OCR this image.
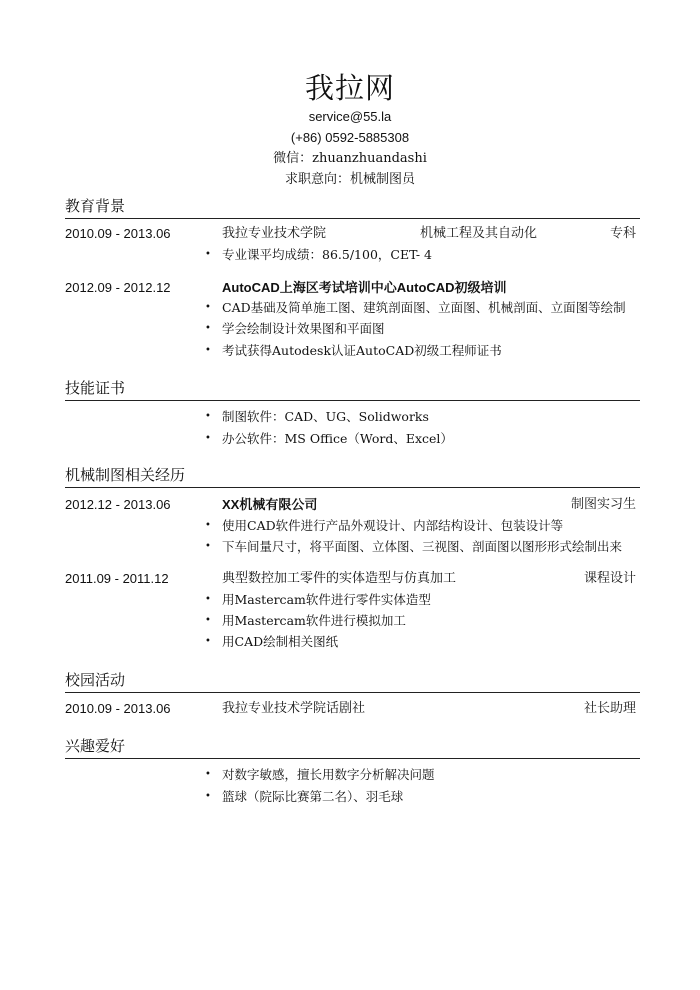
我拉网
service@55.la
(+86) 0592-5885308
微信：zhuanzhuandashi
求职意向：机械制图员
教育背景
2010.09 - 2013.06	我拉专业技术学院	机械工程及其自动化	专科
• 专业课平均成绩：86.5/100，CET- 4
2012.09 - 2012.12	AutoCAD上海区考试培训中心AutoCAD初级培训
• CAD基础及简单施工图、建筑剖面图、立面图、机械剖面、立面图等绘制
• 学会绘制设计效果图和平面图
• 考试获得Autodesk认证AutoCAD初级工程师证书
技能证书
• 制图软件：CAD、UG、Solidworks
• 办公软件：MS Office（Word、Excel）
机械制图相关经历
2012.12 - 2013.06	XX机械有限公司	制图实习生
• 使用CAD软件进行产品外观设计、内部结构设计、包装设计等
• 下车间量尺寸，将平面图、立体图、三视图、剖面图以图形形式绘制出来
2011.09 - 2011.12	典型数控加工零件的实体造型与仿真加工	课程设计
• 用Mastercam软件进行零件实体造型
• 用Mastercam软件进行模拟加工
• 用CAD绘制相关图纸
校园活动
2010.09 - 2013.06	我拉专业技术学院话剧社	社长助理
兴趣爱好
• 对数字敏感，擅长用数字分析解决问题
• 篮球（院际比赛第二名）、羽毛球
